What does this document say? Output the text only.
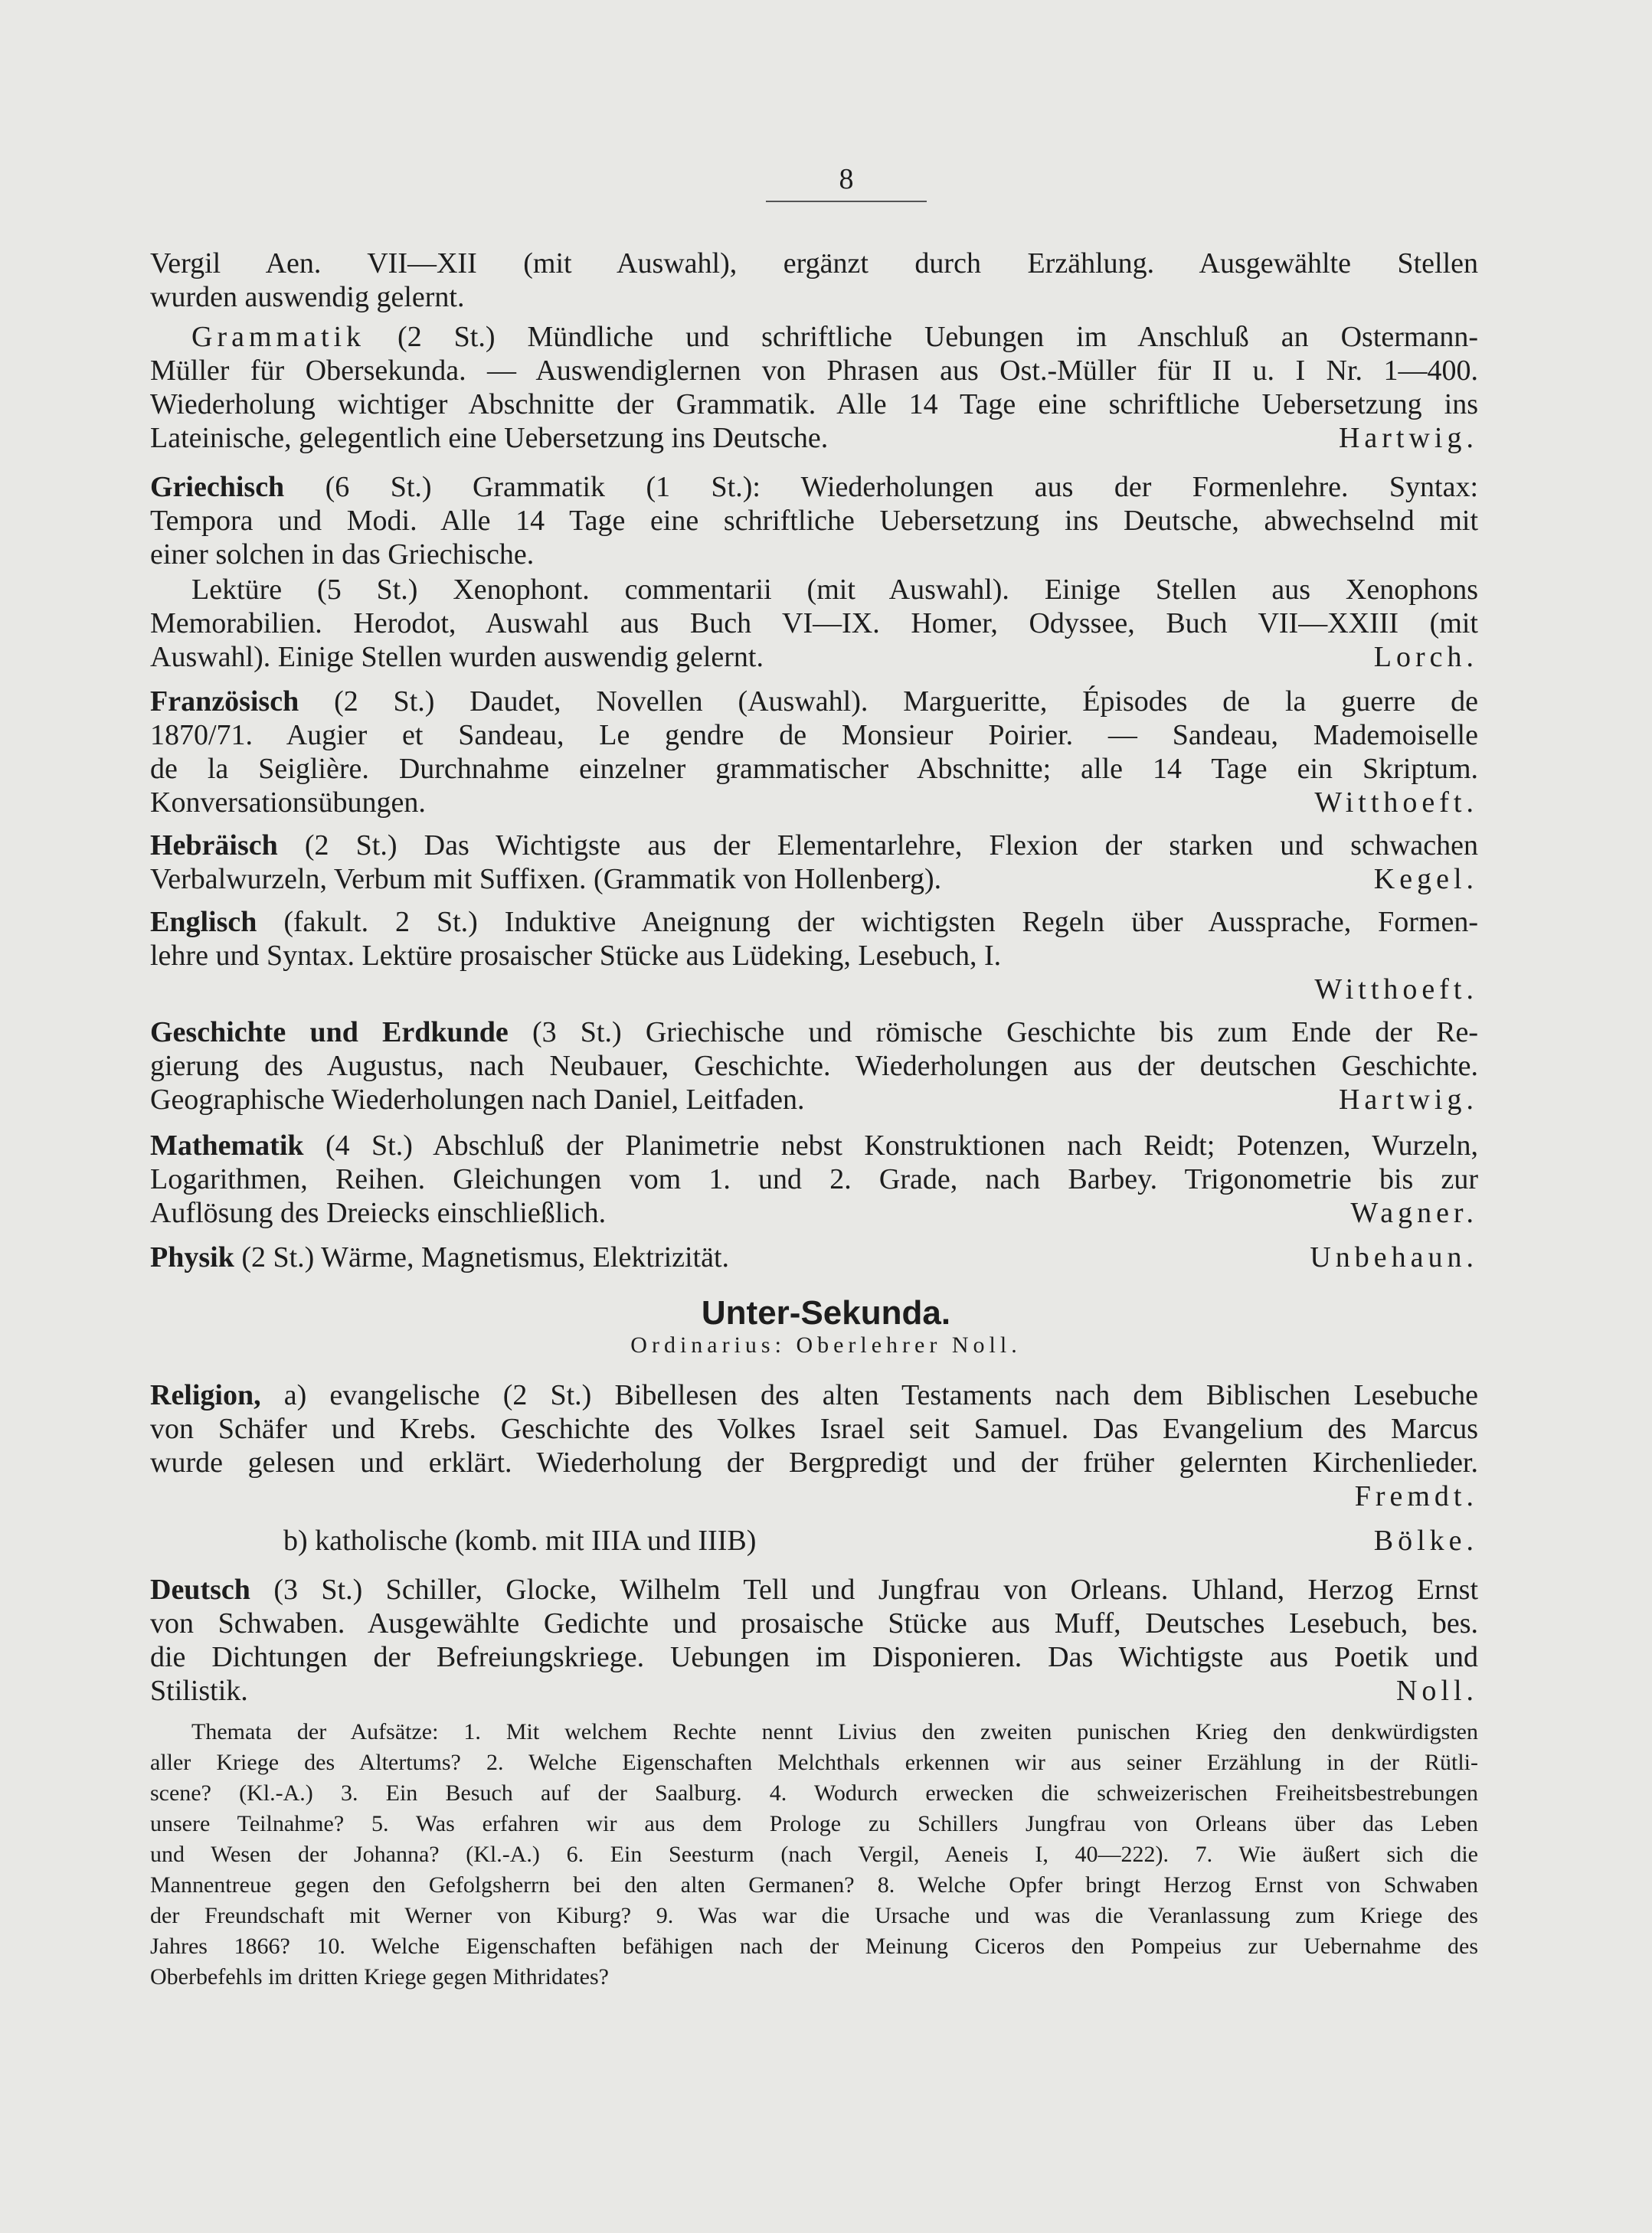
8
Vergil Aen. VII—XII (mit Auswahl), ergänzt durch Erzählung. Ausgewählte Stellen
wurden auswendig gelernt.
Grammatik (2 St.) Mündliche und schriftliche Uebungen im Anschluß an Ostermann-
Müller für Obersekunda. — Auswendiglernen von Phrasen aus Ost.-Müller für II u. I Nr. 1—400.
Wiederholung wichtiger Abschnitte der Grammatik. Alle 14 Tage eine schriftliche Uebersetzung ins
Lateinische, gelegentlich eine Uebersetzung ins Deutsche.	Hartwig.
Griechisch (6 St.) Grammatik (1 St.): Wiederholungen aus der Formenlehre. Syntax:
Tempora und Modi. Alle 14 Tage eine schriftliche Uebersetzung ins Deutsche, abwechselnd mit
einer solchen in das Griechische.
Lektüre (5 St.) Xenophont. commentarii (mit Auswahl). Einige Stellen aus Xenophons
Memorabilien. Herodot, Auswahl aus Buch VI—IX. Homer, Odyssee, Buch VII—XXIII (mit
Auswahl). Einige Stellen wurden auswendig gelernt.	Lorch.
Französisch (2 St.) Daudet, Novellen (Auswahl). Margueritte, Épisodes de la guerre de
1870/71. Augier et Sandeau, Le gendre de Monsieur Poirier. — Sandeau, Mademoiselle
de la Seiglière. Durchnahme einzelner grammatischer Abschnitte; alle 14 Tage ein Skriptum.
Konversationsübungen.	Witthoeft.
Hebräisch (2 St.) Das Wichtigste aus der Elementarlehre, Flexion der starken und schwachen
Verbalwurzeln, Verbum mit Suffixen. (Grammatik von Hollenberg).	Kegel.
Englisch (fakult. 2 St.) Induktive Aneignung der wichtigsten Regeln über Aussprache, Formen-
lehre und Syntax. Lektüre prosaischer Stücke aus Lüdeking, Lesebuch, I.
Witthoeft.
Geschichte und Erdkunde (3 St.) Griechische und römische Geschichte bis zum Ende der Re-
gierung des Augustus, nach Neubauer, Geschichte. Wiederholungen aus der deutschen Geschichte.
Geographische Wiederholungen nach Daniel, Leitfaden.	Hartwig.
Mathematik (4 St.) Abschluß der Planimetrie nebst Konstruktionen nach Reidt; Potenzen, Wurzeln,
Logarithmen, Reihen. Gleichungen vom 1. und 2. Grade, nach Barbey. Trigonometrie bis zur
Auflösung des Dreiecks einschließlich.	Wagner.
Physik (2 St.) Wärme, Magnetismus, Elektrizität.	Unbehaun.
Unter-Sekunda.
Ordinarius: Oberlehrer Noll.
Religion, a) evangelische (2 St.) Bibellesen des alten Testaments nach dem Biblischen Lesebuche
von Schäfer und Krebs. Geschichte des Volkes Israel seit Samuel. Das Evangelium des Marcus
wurde gelesen und erklärt. Wiederholung der Bergpredigt und der früher gelernten Kirchenlieder.
Fremdt.
b) katholische (komb. mit IIIA und IIIB)	Bölke.
Deutsch (3 St.) Schiller, Glocke, Wilhelm Tell und Jungfrau von Orleans. Uhland, Herzog Ernst
von Schwaben. Ausgewählte Gedichte und prosaische Stücke aus Muff, Deutsches Lesebuch, bes.
die Dichtungen der Befreiungskriege. Uebungen im Disponieren. Das Wichtigste aus Poetik und
Stilistik.	Noll.
Themata der Aufsätze: 1. Mit welchem Rechte nennt Livius den zweiten punischen Krieg den denkwürdigsten
aller Kriege des Altertums? 2. Welche Eigenschaften Melchthals erkennen wir aus seiner Erzählung in der Rütli-
scene? (Kl.-A.) 3. Ein Besuch auf der Saalburg. 4. Wodurch erwecken die schweizerischen Freiheitsbestrebungen
unsere Teilnahme? 5. Was erfahren wir aus dem Prologe zu Schillers Jungfrau von Orleans über das Leben
und Wesen der Johanna? (Kl.-A.) 6. Ein Seesturm (nach Vergil, Aeneis I, 40—222). 7. Wie äußert sich die
Mannentreue gegen den Gefolgsherrn bei den alten Germanen? 8. Welche Opfer bringt Herzog Ernst von Schwaben
der Freundschaft mit Werner von Kiburg? 9. Was war die Ursache und was die Veranlassung zum Kriege des
Jahres 1866? 10. Welche Eigenschaften befähigen nach der Meinung Ciceros den Pompeius zur Uebernahme des
Oberbefehls im dritten Kriege gegen Mithridates?
